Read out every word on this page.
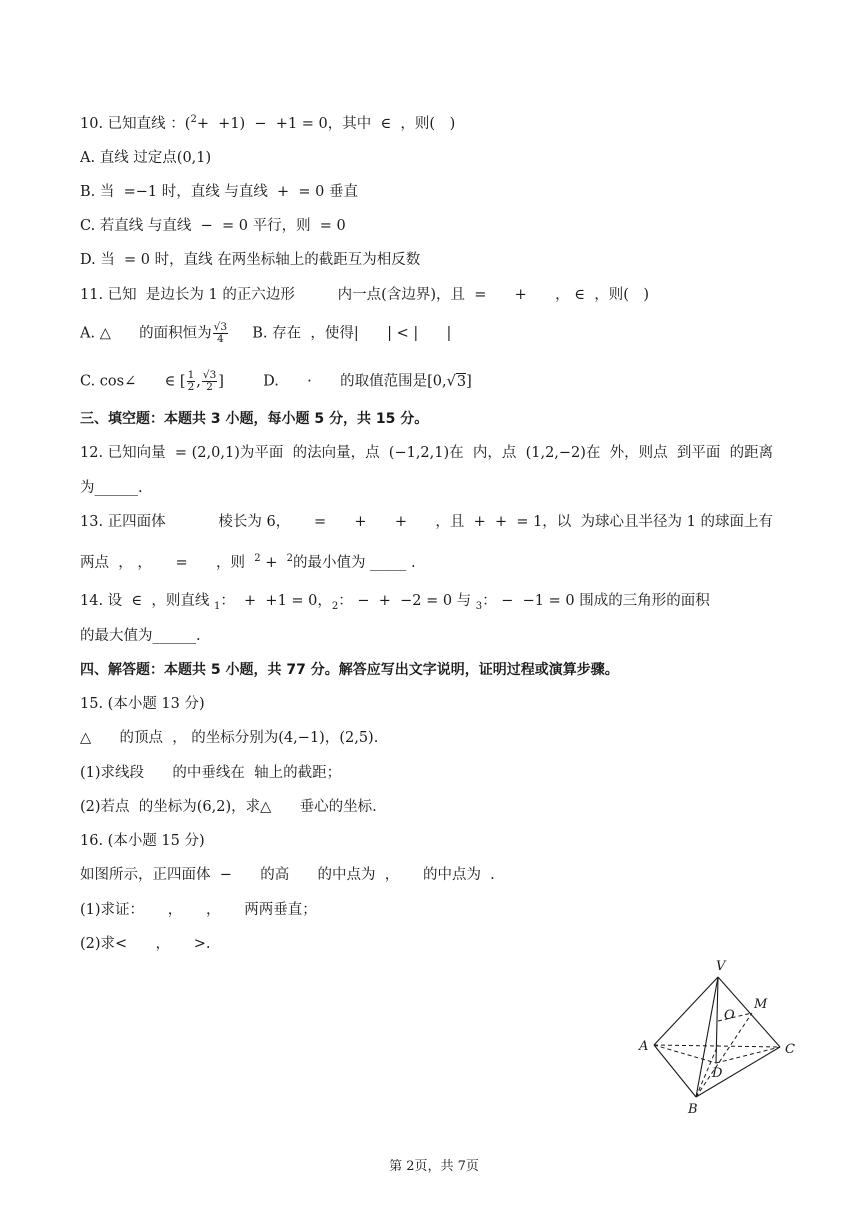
10. 已知直线 ：($^2$+ ​ +1) ​ − ​ +1 = 0，其中 ​ ∈ ​ ，则(　)
A. 直线 过定点(0,1)
B. 当 ​ =−1 时，直线 与直线 ​ + ​ = 0 垂直
C. 若直线 与直线 ​ − ​ = 0 平行，则 ​ = 0
D. 当 ​ = 0 时，直线 在两坐标轴上的截距互为相反数
11. 已知 ​ 是边长为 1 的正六边形 ​ 　　 内一点(含边界)，且 ​ = ​ 　 + ​ 　 ，​ ∈ ​ ，则(　)
A. △ ​ 　 的面积恒为 $\frac{√3}{4} B$. 存在 ​ ，使得| ​ 　 | < | ​ 　 |
C. cos∠ ​ 　 ∈ [ $\frac{1}{2}$ , $\frac{√3}{2}$ ]	D. ​ 　 · ​ 　 的取值范围是[0,√3]
三、填空题：本题共 3 小题，每小题 5 分，共 15 分。
12. 已知向量 ​ = (2,0,1)为平面 ​ 的法向量，点 ​ (−1,2,1)在 ​ 内，点 ​ (1,2,−2)在 ​ 外，则点 ​ 到平面 ​ 的距离
为______.
13. 正四面体 　　　 棱长为 6，​ 　 = ​ 　 + ​ 　 + ​ 　 ，且 ​ + ​ + ​ = 1，以 ​ 为球心且半径为 1 的球面上有
两点 ​ ，​ ，​ 　 = ​ 　 ，则 ​ $^2$ + ​ $^2$的最小值为 _____ .
14. 设 ​ ∈ ​ ，则直线 $_1$：​ ​ + ​ +1 = 0，$_2$：​ − ​ + ​ −2 = 0 与 $_3$：​ − ​ −1 = 0 围成的三角形的面积
的最大值为______.
四、解答题：本题共 5 小题，共 77 分。解答应写出文字说明，证明过程或演算步骤。
15. (本小题 13 分)
△ ​ 　 的顶点 ​ ，​ 的坐标分别为(4,−1)，(2,5).
(1)求线段 ​ 　 的中垂线在 ​ 轴上的截距；
(2)若点 ​ 的坐标为(6,2)，求△ ​ 　 垂心的坐标.
16. (本小题 15 分)
如图所示，正四面体 ​ − ​ 　 的高 ​ 　 的中点为 ​ ，​ 　 的中点为 ​ .
(1)求证：​ 　 ，​ 　 ，​ 　 两两垂直；
(2)求< ​ 　 ，​ 　 >.
V
M
O
A	C
D
B
第 2页，共 7页
